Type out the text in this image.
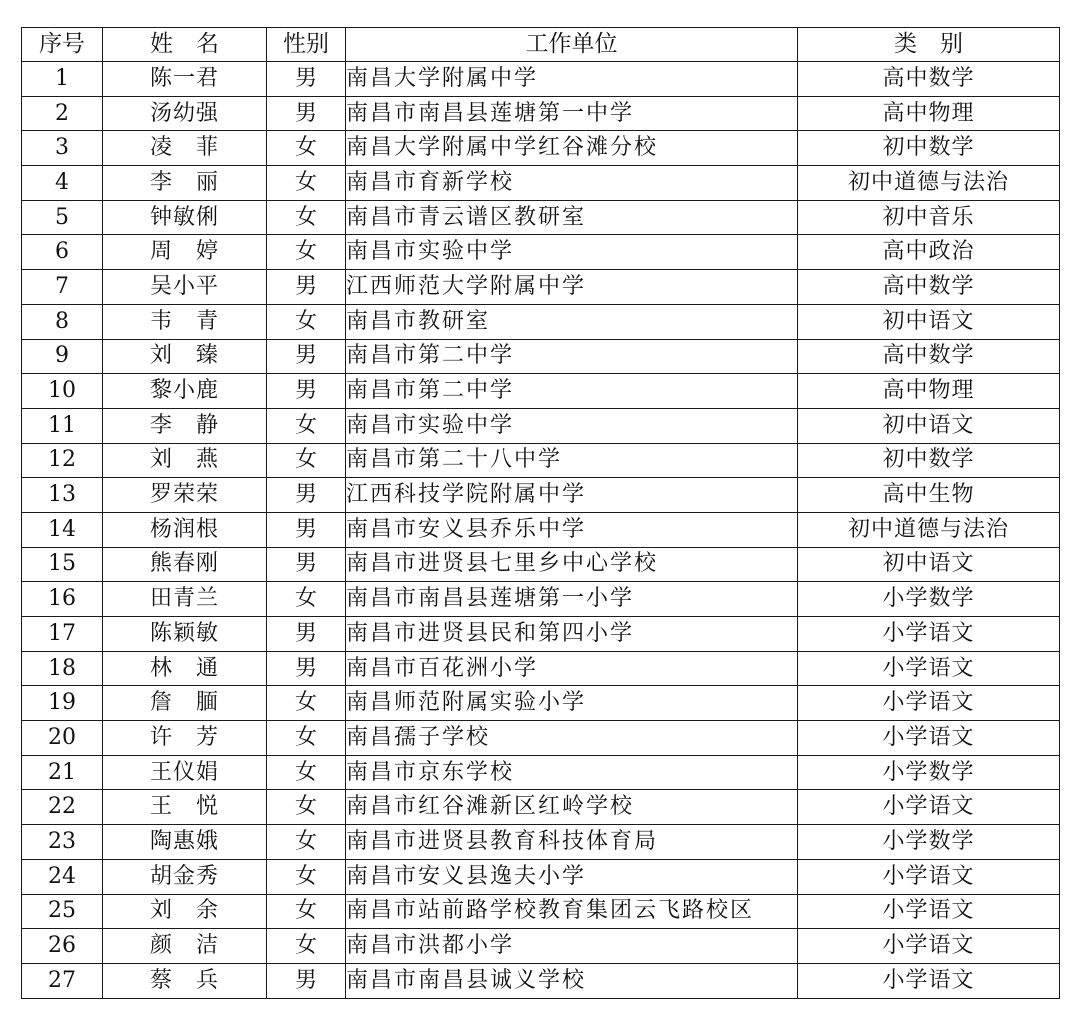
序号	姓　名	性别	工作单位	类　别
1	陈一君	男	南昌大学附属中学	高中数学
2	汤幼强	男	南昌市南昌县莲塘第一中学	高中物理
3	凌　菲	女	南昌大学附属中学红谷滩分校	初中数学
4	李　丽	女	南昌市育新学校	初中道德与法治
5	钟敏俐	女	南昌市青云谱区教研室	初中音乐
6	周　婷	女	南昌市实验中学	高中政治
7	吴小平	男	江西师范大学附属中学	高中数学
8	韦　青	女	南昌市教研室	初中语文
9	刘　臻	男	南昌市第二中学	高中数学
10	黎小鹿	男	南昌市第二中学	高中物理
11	李　静	女	南昌市实验中学	初中语文
12	刘　燕	女	南昌市第二十八中学	初中数学
13	罗荣荣	男	江西科技学院附属中学	高中生物
14	杨润根	男	南昌市安义县乔乐中学	初中道德与法治
15	熊春刚	男	南昌市进贤县七里乡中心学校	初中语文
16	田青兰	女	南昌市南昌县莲塘第一小学	小学数学
17	陈颖敏	男	南昌市进贤县民和第四小学	小学语文
18	林　通	男	南昌市百花洲小学	小学语文
19	詹　腼	女	南昌师范附属实验小学	小学语文
20	许　芳	女	南昌孺子学校	小学语文
21	王仪娟	女	南昌市京东学校	小学数学
22	王　悦	女	南昌市红谷滩新区红岭学校	小学语文
23	陶惠娥	女	南昌市进贤县教育科技体育局	小学数学
24	胡金秀	女	南昌市安义县逸夫小学	小学语文
25	刘　余	女	南昌市站前路学校教育集团云飞路校区	小学语文
26	颜　洁	女	南昌市洪都小学	小学语文
27	蔡　兵	男	南昌市南昌县诚义学校	小学语文
